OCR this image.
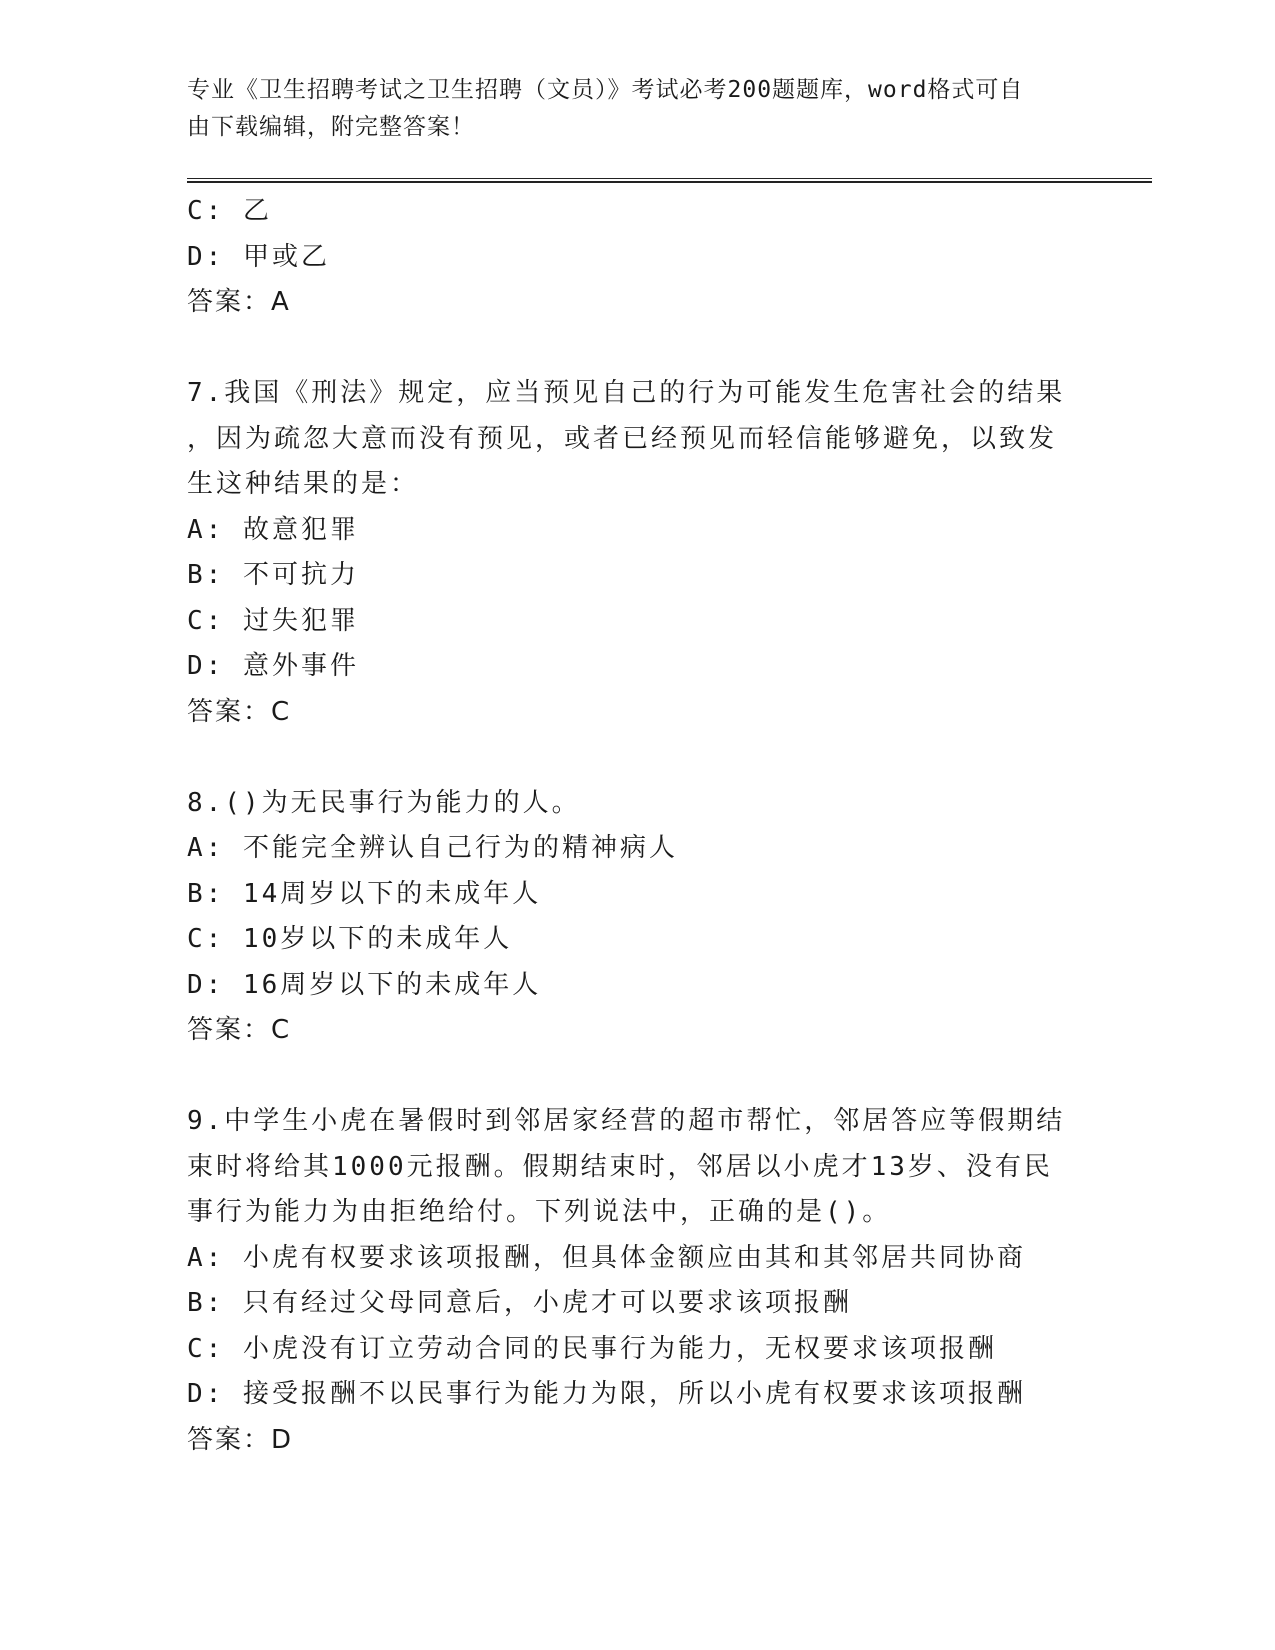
专业《卫生招聘考试之卫生招聘（文员）》考试必考200题题库，word格式可自
由下载编辑，附完整答案！
C: 乙
D: 甲或乙
答案：A
7.我国《刑法》规定，应当预见自己的行为可能发生危害社会的结果
，因为疏忽大意而没有预见，或者已经预见而轻信能够避免，以致发
生这种结果的是：
A: 故意犯罪
B: 不可抗力
C: 过失犯罪
D: 意外事件
答案：C
8.()为无民事行为能力的人。
A: 不能完全辨认自己行为的精神病人
B: 14周岁以下的未成年人
C: 10岁以下的未成年人
D: 16周岁以下的未成年人
答案：C
9.中学生小虎在暑假时到邻居家经营的超市帮忙，邻居答应等假期结
束时将给其1000元报酬。假期结束时，邻居以小虎才13岁、没有民
事行为能力为由拒绝给付。下列说法中，正确的是()。
A: 小虎有权要求该项报酬，但具体金额应由其和其邻居共同协商
B: 只有经过父母同意后，小虎才可以要求该项报酬
C: 小虎没有订立劳动合同的民事行为能力，无权要求该项报酬
D: 接受报酬不以民事行为能力为限，所以小虎有权要求该项报酬
答案：D
